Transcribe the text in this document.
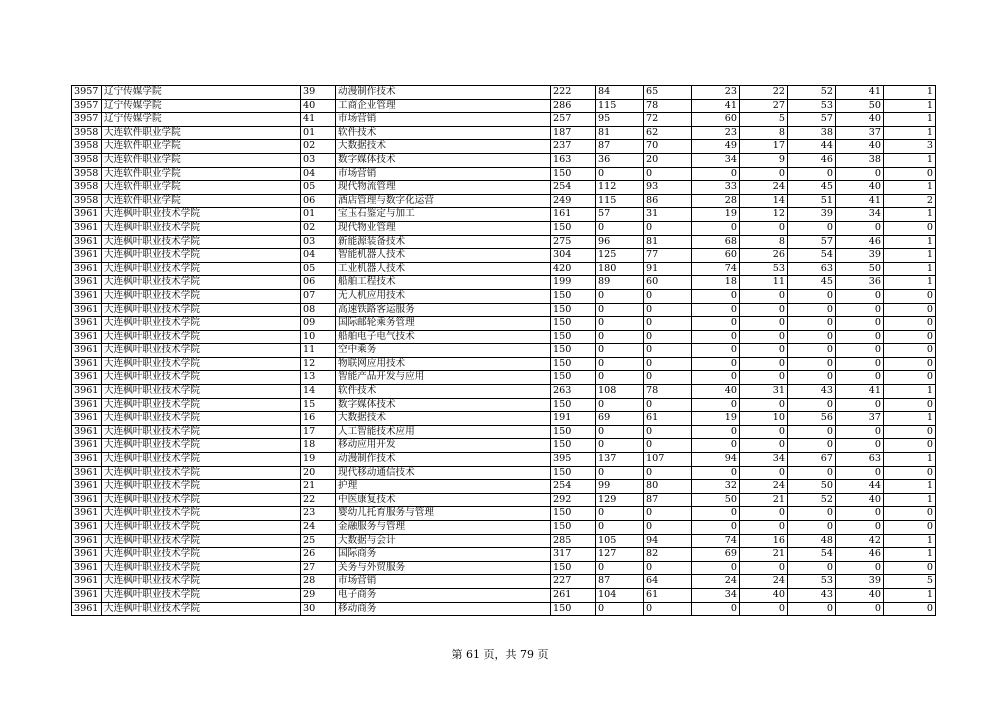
3957	辽宁传媒学院	39	动漫制作技术	222	84	65	23	22	52	41	1
3957	辽宁传媒学院	40	工商企业管理	286	115	78	41	27	53	50	1
3957	辽宁传媒学院	41	市场营销	257	95	72	60	5	57	40	1
3958	大连软件职业学院	01	软件技术	187	81	62	23	8	38	37	1
3958	大连软件职业学院	02	大数据技术	237	87	70	49	17	44	40	3
3958	大连软件职业学院	03	数字媒体技术	163	36	20	34	9	46	38	1
3958	大连软件职业学院	04	市场营销	150	0	0	0	0	0	0	0
3958	大连软件职业学院	05	现代物流管理	254	112	93	33	24	45	40	1
3958	大连软件职业学院	06	酒店管理与数字化运营	249	115	86	28	14	51	41	2
3961	大连枫叶职业技术学院	01	宝玉石鉴定与加工	161	57	31	19	12	39	34	1
3961	大连枫叶职业技术学院	02	现代物业管理	150	0	0	0	0	0	0	0
3961	大连枫叶职业技术学院	03	新能源装备技术	275	96	81	68	8	57	46	1
3961	大连枫叶职业技术学院	04	智能机器人技术	304	125	77	60	26	54	39	1
3961	大连枫叶职业技术学院	05	工业机器人技术	420	180	91	74	53	63	50	1
3961	大连枫叶职业技术学院	06	船舶工程技术	199	89	60	18	11	45	36	1
3961	大连枫叶职业技术学院	07	无人机应用技术	150	0	0	0	0	0	0	0
3961	大连枫叶职业技术学院	08	高速铁路客运服务	150	0	0	0	0	0	0	0
3961	大连枫叶职业技术学院	09	国际邮轮乘务管理	150	0	0	0	0	0	0	0
3961	大连枫叶职业技术学院	10	船舶电子电气技术	150	0	0	0	0	0	0	0
3961	大连枫叶职业技术学院	11	空中乘务	150	0	0	0	0	0	0	0
3961	大连枫叶职业技术学院	12	物联网应用技术	150	0	0	0	0	0	0	0
3961	大连枫叶职业技术学院	13	智能产品开发与应用	150	0	0	0	0	0	0	0
3961	大连枫叶职业技术学院	14	软件技术	263	108	78	40	31	43	41	1
3961	大连枫叶职业技术学院	15	数字媒体技术	150	0	0	0	0	0	0	0
3961	大连枫叶职业技术学院	16	大数据技术	191	69	61	19	10	56	37	1
3961	大连枫叶职业技术学院	17	人工智能技术应用	150	0	0	0	0	0	0	0
3961	大连枫叶职业技术学院	18	移动应用开发	150	0	0	0	0	0	0	0
3961	大连枫叶职业技术学院	19	动漫制作技术	395	137	107	94	34	67	63	1
3961	大连枫叶职业技术学院	20	现代移动通信技术	150	0	0	0	0	0	0	0
3961	大连枫叶职业技术学院	21	护理	254	99	80	32	24	50	44	1
3961	大连枫叶职业技术学院	22	中医康复技术	292	129	87	50	21	52	40	1
3961	大连枫叶职业技术学院	23	婴幼儿托育服务与管理	150	0	0	0	0	0	0	0
3961	大连枫叶职业技术学院	24	金融服务与管理	150	0	0	0	0	0	0	0
3961	大连枫叶职业技术学院	25	大数据与会计	285	105	94	74	16	48	42	1
3961	大连枫叶职业技术学院	26	国际商务	317	127	82	69	21	54	46	1
3961	大连枫叶职业技术学院	27	关务与外贸服务	150	0	0	0	0	0	0	0
3961	大连枫叶职业技术学院	28	市场营销	227	87	64	24	24	53	39	5
3961	大连枫叶职业技术学院	29	电子商务	261	104	61	34	40	43	40	1
3961	大连枫叶职业技术学院	30	移动商务	150	0	0	0	0	0	0	0
第 61 页，共 79 页
